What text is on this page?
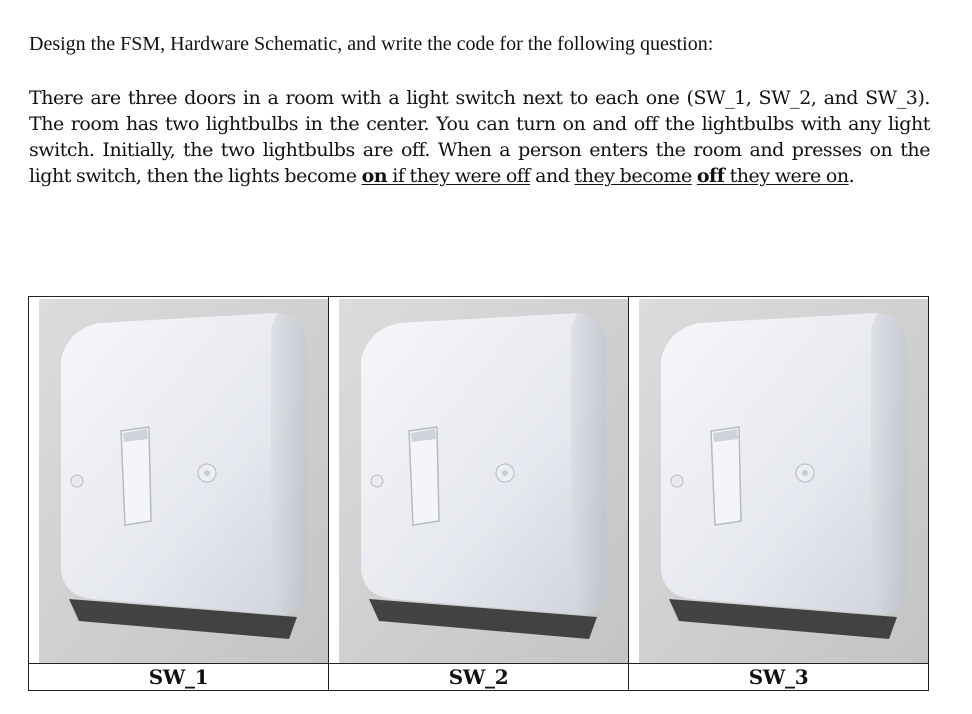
Design the FSM, Hardware Schematic, and write the code for the following question:

There are three doors in a room with a light switch next to each one (SW_1, SW_2, and SW_3). The room has two lightbulbs in the center. You can turn on and off the lightbulbs with any light switch. Initially, the two lightbulbs are off. When a person enters the room and presses on the light switch, then the lights become on if they were off and they become off they were on.

SW_1	SW_2	SW_3
